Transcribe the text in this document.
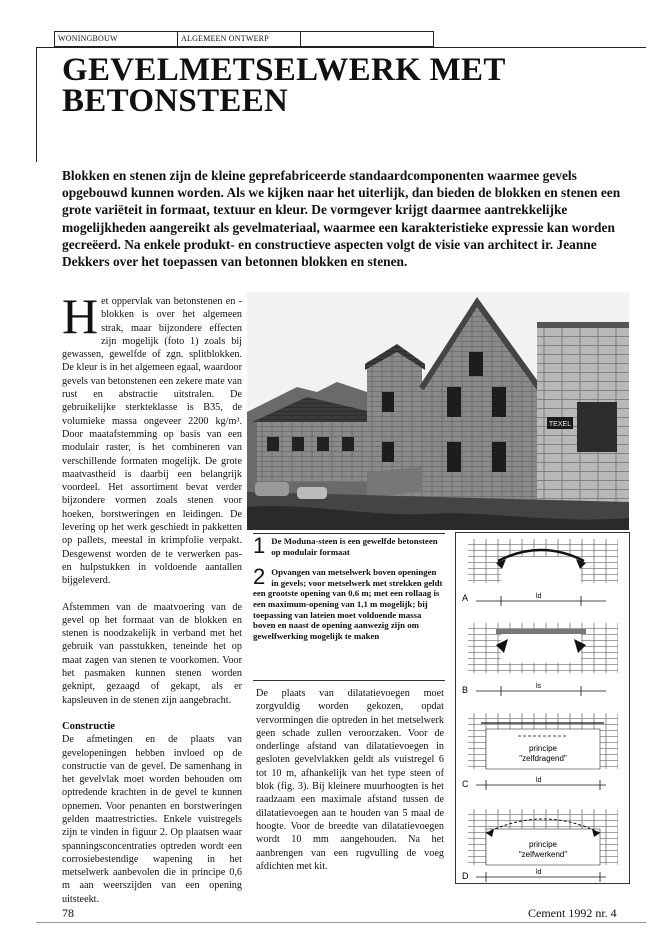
WONINGBOUW	ALGEMEEN ONTWERP
GEVELMETSELWERK MET BETONSTEEN

Blokken en stenen zijn de kleine geprefabriceerde standaardcomponenten waarmee gevels opgebouwd kunnen worden. Als we kijken naar het uiterlijk, dan bieden de blokken en stenen een grote variëteit in formaat, textuur en kleur. De vormgever krijgt daarmee aantrekkelijke mogelijkheden aangereikt als gevelmateriaal, waarmee een karakteristieke expressie kan worden gecreëerd. Na enkele produkt- en constructieve aspecten volgt de visie van architect ir. Jeanne Dekkers over het toepassen van betonnen blokken en stenen.

Het oppervlak van betonstenen en -blokken is over het algemeen strak, maar bijzondere effecten zijn mogelijk (foto 1) zoals bij gewassen, gewelfde of zgn. splitblokken. De kleur is in het algemeen egaal, waardoor gevels van betonstenen een zekere mate van rust en abstractie uitstralen. De gebruikelijke sterkteklasse is B35, de volumieke massa ongeveer 2200 kg/m³. Door maatafstemming op basis van een modulair raster, is het combineren van verschillende formaten mogelijk. De grote maatvastheid is daarbij een belangrijk voordeel. Het assortiment bevat verder bijzondere vormen zoals stenen voor hoeken, borstweringen en leidingen. De levering op het werk geschiedt in pakketten op pallets, meestal in krimpfolie verpakt. Desgewenst worden de te verwerken pas- en hulpstukken in voldoende aantallen bijgeleverd.

Afstemmen van de maatvoering van de gevel op het formaat van de blokken en stenen is noodzakelijk in verband met het gebruik van passtukken, teneinde het op maat zagen van stenen te voorkomen. Voor het pasmaken kunnen stenen worden geknipt, gezaagd of gekapt, als er kapsleuven in de stenen zijn aangebracht.

Constructie

De afmetingen en de plaats van gevelopeningen hebben invloed op de constructie van de gevel. De samenhang in het gevelvlak moet worden behouden om optredende krachten in de gevel te kunnen opnemen. Voor penanten en borstweringen gelden maatrestricties. Enkele vuistregels zijn te vinden in figuur 2. Op plaatsen waar spanningsconcentraties optreden wordt een corrosiebestendige wapening in het metselwerk aanbevolen die in principe 0,6 m aan weerszijden van een opening uitsteekt.

TEXEL
1 De Moduna-steen is een gewelfde betonsteen op modulair formaat
2 Opvangen van metselwerk boven openingen in gevels; voor metselwerk met strekken geldt een grootste opening van 0,6 m; met een rollaag is een maximum-opening van 1,1 m mogelijk; bij toepassing van lateien moet voldoende massa boven en naast de opening aanwezig zijn om gewelfwerking mogelijk te maken

De plaats van dilatatievoegen moet zorgvuldig worden gekozen, opdat vervormingen die optreden in het metselwerk geen schade zullen veroorzaken. Voor de onderlinge afstand van dilatatievoegen in gesloten gevelvlakken geldt als vuistregel 6 tot 10 m, afhankelijk van het type steen of blok (fig. 3). Bij kleinere muurhoogten is het raadzaam een maximale afstand tussen de dilatatievoegen aan te houden van 5 maal de hoogte. Voor de breedte van dilatatievoegen wordt 10 mm aangehouden. Na het aanbrengen van een rugvulling de voeg afdichten met kit.

A	ld
B	ls
principe
"zelfdragend"
C	ld
principe
"zelfwerkend"
D	ld
78	Cement 1992 nr. 4
